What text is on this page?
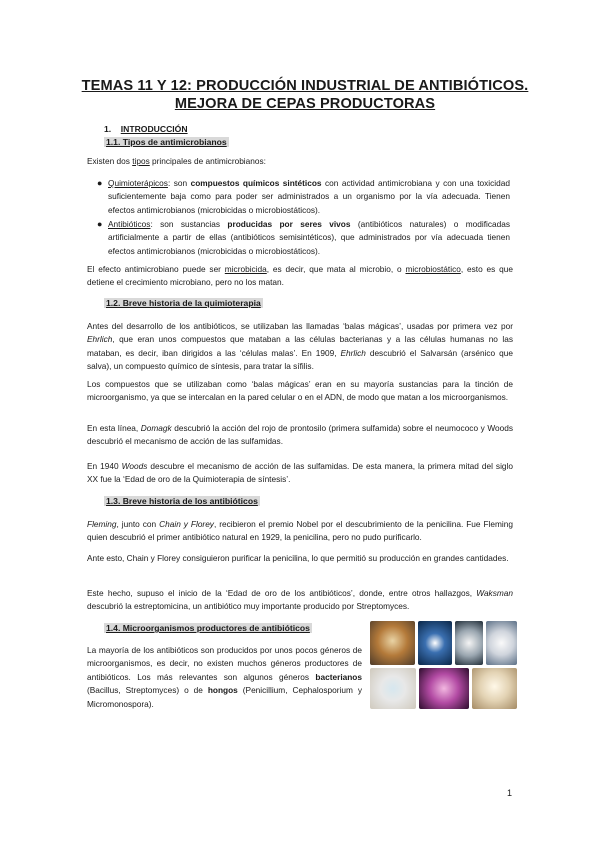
TEMAS 11 Y 12: PRODUCCIÓN INDUSTRIAL DE ANTIBIÓTICOS.
MEJORA DE CEPAS PRODUCTORAS
1. INTRODUCCIÓN
1.1. Tipos de antimicrobianos

Existen dos tipos principales de antimicrobianos:

● Quimioterápicos: son compuestos químicos sintéticos con actividad antimicrobiana y con una toxicidad suficientemente baja como para poder ser administrados a un organismo por la vía adecuada. Tienen efectos antimicrobianos (microbicidas o microbiostáticos).
● Antibióticos: son sustancias producidas por seres vivos (antibióticos naturales) o modificadas artificialmente a partir de ellas (antibióticos semisintéticos), que administrados por vía adecuada tienen efectos antimicrobianos (microbicidas o microbiostáticos).

El efecto antimicrobiano puede ser microbicida, es decir, que mata al microbio, o microbiostático, esto es que detiene el crecimiento microbiano, pero no los matan.

1.2. Breve historia de la quimioterapia

Antes del desarrollo de los antibióticos, se utilizaban las llamadas ‘balas mágicas’, usadas por primera vez por Ehrlich, que eran unos compuestos que mataban a las células bacterianas y a las células humanas no las mataban, es decir, iban dirigidos a las ‘células malas’. En 1909, Ehrlich descubrió el Salvarsán (arsénico que salva), un compuesto químico de síntesis, para tratar la sífilis.

Los compuestos que se utilizaban como ‘balas mágicas’ eran en su mayoría sustancias para la tinción de microorganismo, ya que se intercalan en la pared celular o en el ADN, de modo que matan a los microorganismos.

En esta línea, Domagk descubrió la acción del rojo de prontosilo (primera sulfamida) sobre el neumococo y Woods descubrió el mecanismo de acción de las sulfamidas.

En 1940 Woods descubre el mecanismo de acción de las sulfamidas. De esta manera, la primera mitad del siglo XX fue la ‘Edad de oro de la Quimioterapia de síntesis’.

1.3. Breve historia de los antibióticos

Fleming, junto con Chain y Florey, recibieron el premio Nobel por el descubrimiento de la penicilina. Fue Fleming quien descubrió el primer antibiótico natural en 1929, la penicilina, pero no pudo purificarlo.

Ante esto, Chain y Florey consiguieron purificar la penicilina, lo que permitió su producción en grandes cantidades.

Este hecho, supuso el inicio de la ‘Edad de oro de los antibióticos’, donde, entre otros hallazgos, Waksman descubrió la estreptomicina, un antibiótico muy importante producido por Streptomyces.

1.4. Microorganismos productores de antibióticos

La mayoría de los antibióticos son producidos por unos pocos géneros de microorganismos, es decir, no existen muchos géneros productores de antibióticos. Los más relevantes son algunos géneros bacterianos (Bacillus, Streptomyces) o de hongos (Penicillium, Cephalosporium y Micromonospora).

1
